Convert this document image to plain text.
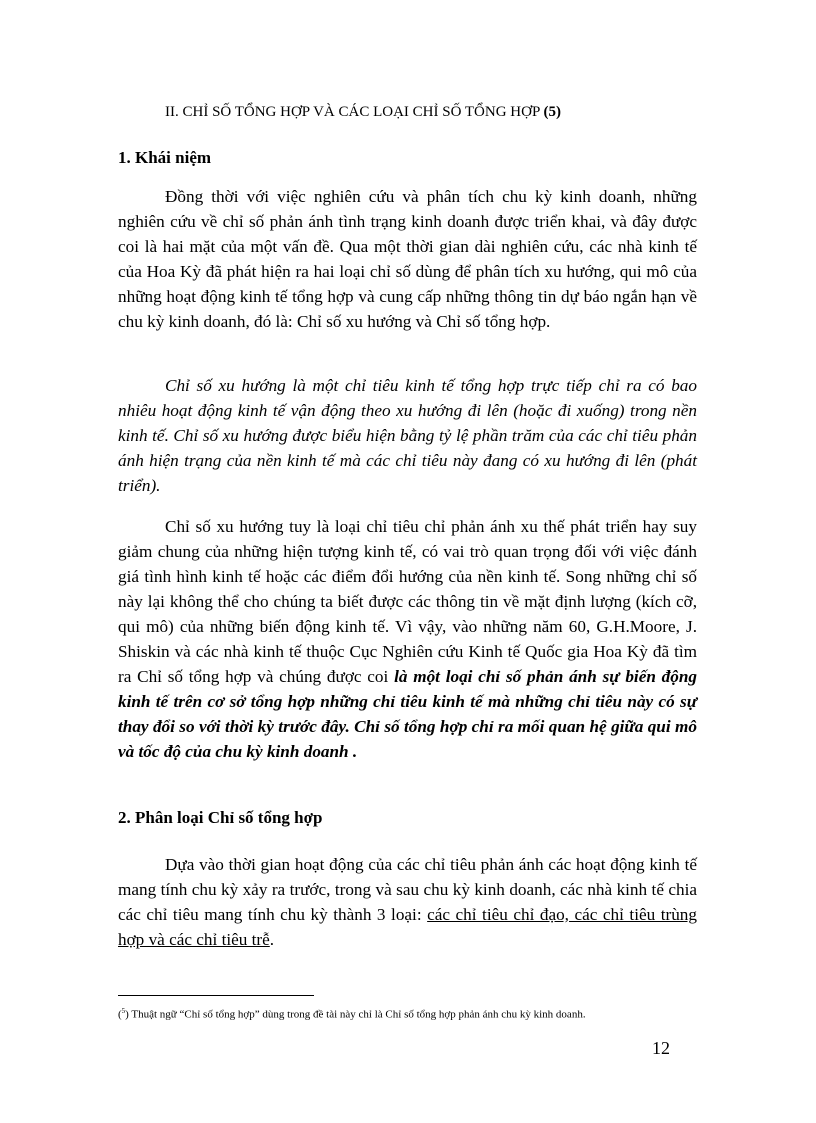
II. CHỈ SỐ TỔNG HỢP VÀ CÁC LOẠI CHỈ SỐ TỔNG HỢP (5)
1. Khái niệm

Đồng thời với việc nghiên cứu và phân tích chu kỳ kinh doanh, những nghiên cứu về chỉ số phản ánh tình trạng kinh doanh được triển khai, và đây được coi là hai mặt của một vấn đề. Qua một thời gian dài nghiên cứu, các nhà kinh tế của Hoa Kỳ đã phát hiện ra hai loại chỉ số dùng để phân tích xu hướng, qui mô của những hoạt động kinh tế tổng hợp và cung cấp những thông tin dự báo ngắn hạn về chu kỳ kinh doanh, đó là: Chỉ số xu hướng và Chỉ số tổng hợp.

Chỉ số xu hướng là một chỉ tiêu kinh tế tổng hợp trực tiếp chỉ ra có bao nhiêu hoạt động kinh tế vận động theo xu hướng đi lên (hoặc đi xuống) trong nền kinh tế. Chỉ số xu hướng được biểu hiện bằng tỷ lệ phần trăm của các chỉ tiêu phản ánh hiện trạng của nền kinh tế mà các chỉ tiêu này đang có xu hướng đi lên (phát triển).

Chỉ số xu hướng tuy là loại chỉ tiêu chỉ phản ánh xu thế phát triển hay suy giảm chung của những hiện tượng kinh tế, có vai trò quan trọng đối với việc đánh giá tình hình kinh tế hoặc các điểm đổi hướng của nền kinh tế. Song những chỉ số này lại không thể cho chúng ta biết được các thông tin về mặt định lượng (kích cỡ, qui mô) của những biến động kinh tế. Vì vậy, vào những năm 60, G.H.Moore, J. Shiskin và các nhà kinh tế thuộc Cục Nghiên cứu Kinh tế Quốc gia Hoa Kỳ đã tìm ra Chỉ số tổng hợp và chúng được coi là một loại chỉ số phản ánh sự biến động kinh tế trên cơ sở tổng hợp những chỉ tiêu kinh tế mà những chỉ tiêu này có sự thay đổi so với thời kỳ trước đây. Chỉ số tổng hợp chỉ ra mối quan hệ giữa qui mô và tốc độ của chu kỳ kinh doanh .

2. Phân loại Chỉ số tổng hợp

Dựa vào thời gian hoạt động của các chỉ tiêu phản ánh các hoạt động kinh tế mang tính chu kỳ xảy ra trước, trong và sau chu kỳ kinh doanh, các nhà kinh tế chia các chỉ tiêu mang tính chu kỳ thành 3 loại: các chỉ tiêu chỉ đạo, các chỉ tiêu trùng hợp và các chỉ tiêu trễ.

($^5$) Thuật ngữ “Chỉ số tổng hợp” dùng trong đề tài này chỉ là Chỉ số tổng hợp phản ánh chu kỳ kinh doanh.
12
